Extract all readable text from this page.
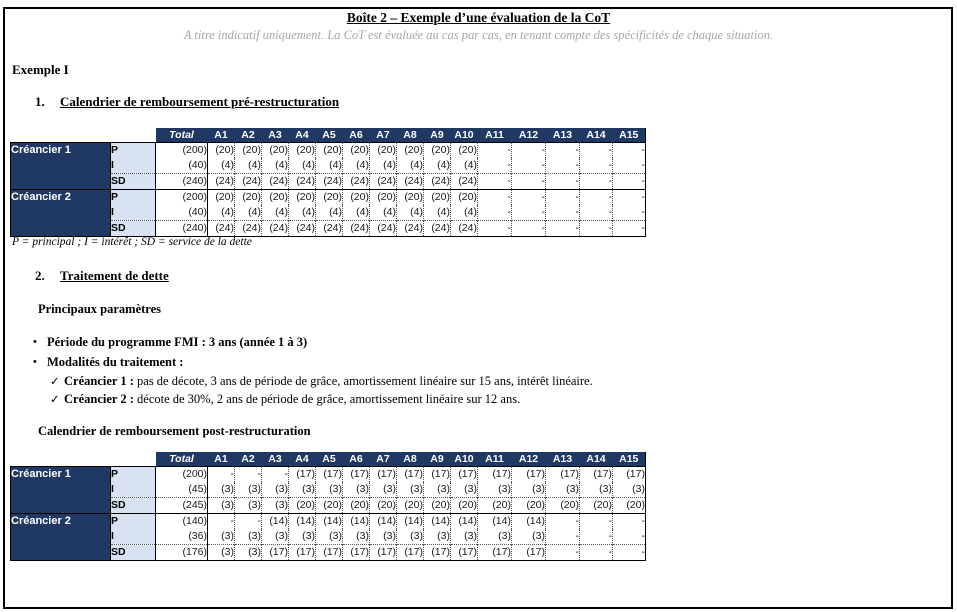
Boîte 2 – Exemple d’une évaluation de la CoT
A titre indicatif uniquement. La CoT est évaluée au cas par cas, en tenant compte des spécificités de chaque situation.
Exemple I
1. Calendrier de remboursement pré-restructuration
		Total	A1	A2	A3	A4	A5	A6	A7	A8	A9	A10	A11	A12	A13	A14	A15
Créancier 1	P	(200)	(20)	(20)	(20)	(20)	(20)	(20)	(20)	(20)	(20)	(20)	-	-	-	-	-
	I	(40)	(4)	(4)	(4)	(4)	(4)	(4)	(4)	(4)	(4)	(4)	-	-	-	-	-
	SD	(240)	(24)	(24)	(24)	(24)	(24)	(24)	(24)	(24)	(24)	(24)	-	-	-	-	-
Créancier 2	P	(200)	(20)	(20)	(20)	(20)	(20)	(20)	(20)	(20)	(20)	(20)	-	-	-	-	-
	I	(40)	(4)	(4)	(4)	(4)	(4)	(4)	(4)	(4)	(4)	(4)	-	-	-	-	-
	SD	(240)	(24)	(24)	(24)	(24)	(24)	(24)	(24)	(24)	(24)	(24)	-	-	-	-	-
P = principal ; I = intérêt ; SD = service de la dette
2. Traitement de dette
Principaux paramètres
• Période du programme FMI : 3 ans (année 1 à 3)
• Modalités du traitement :
✓ Créancier 1 : pas de décote, 3 ans de période de grâce, amortissement linéaire sur 15 ans, intérêt linéaire.
✓ Créancier 2 : décote de 30%, 2 ans de période de grâce, amortissement linéaire sur 12 ans.
Calendrier de remboursement post-restructuration
		Total	A1	A2	A3	A4	A5	A6	A7	A8	A9	A10	A11	A12	A13	A14	A15
Créancier 1	P	(200)	-	-	-	(17)	(17)	(17)	(17)	(17)	(17)	(17)	(17)	(17)	(17)	(17)	(17)
	I	(45)	(3)	(3)	(3)	(3)	(3)	(3)	(3)	(3)	(3)	(3)	(3)	(3)	(3)	(3)	(3)
	SD	(245)	(3)	(3)	(3)	(20)	(20)	(20)	(20)	(20)	(20)	(20)	(20)	(20)	(20)	(20)	(20)
Créancier 2	P	(140)	-	-	(14)	(14)	(14)	(14)	(14)	(14)	(14)	(14)	(14)	(14)	-	-	-
	I	(36)	(3)	(3)	(3)	(3)	(3)	(3)	(3)	(3)	(3)	(3)	(3)	(3)	-	-	-
	SD	(176)	(3)	(3)	(17)	(17)	(17)	(17)	(17)	(17)	(17)	(17)	(17)	(17)	-	-	-
